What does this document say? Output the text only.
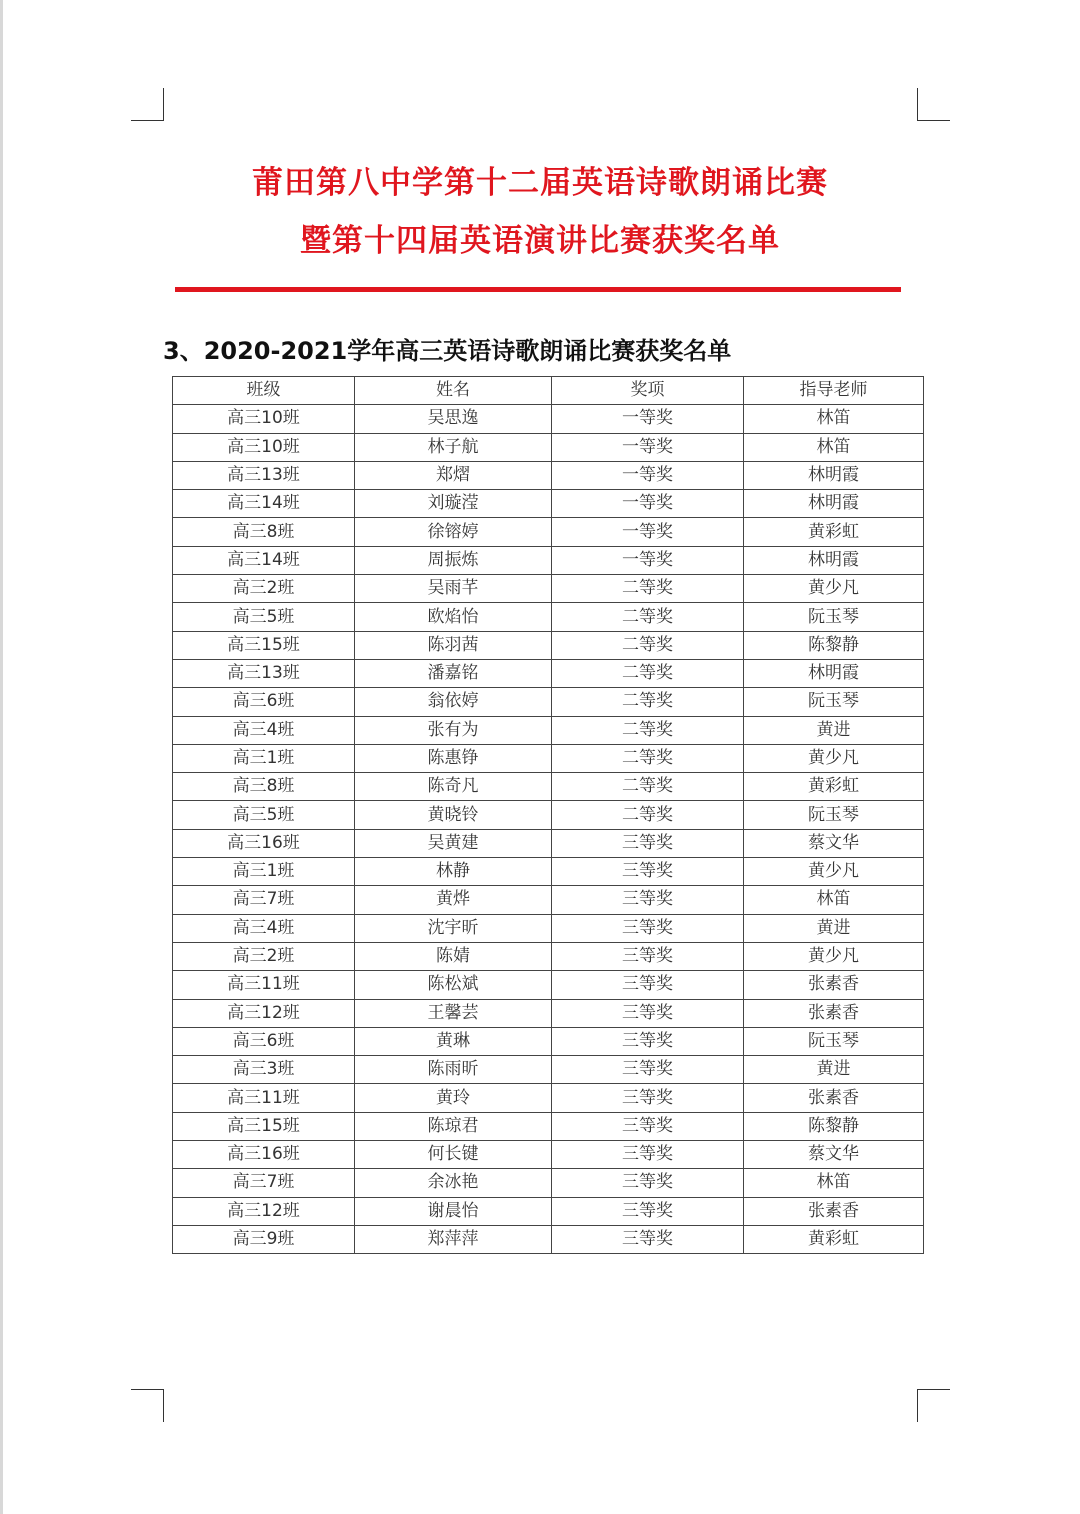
莆田第八中学第十二届英语诗歌朗诵比赛
暨第十四届英语演讲比赛获奖名单
3、2020-2021学年高三英语诗歌朗诵比赛获奖名单
班级	姓名	奖项	指导老师
高三10班	吴思逸	一等奖	林笛
高三10班	林子航	一等奖	林笛
高三13班	郑熠	一等奖	林明霞
高三14班	刘璇滢	一等奖	林明霞
高三8班	徐镕婷	一等奖	黄彩虹
高三14班	周振炼	一等奖	林明霞
高三2班	吴雨芊	二等奖	黄少凡
高三5班	欧焰怡	二等奖	阮玉琴
高三15班	陈羽茜	二等奖	陈黎静
高三13班	潘嘉铭	二等奖	林明霞
高三6班	翁依婷	二等奖	阮玉琴
高三4班	张有为	二等奖	黄进
高三1班	陈惠铮	二等奖	黄少凡
高三8班	陈奇凡	二等奖	黄彩虹
高三5班	黄晓铃	二等奖	阮玉琴
高三16班	吴黄建	三等奖	蔡文华
高三1班	林静	三等奖	黄少凡
高三7班	黄烨	三等奖	林笛
高三4班	沈宇昕	三等奖	黄进
高三2班	陈婧	三等奖	黄少凡
高三11班	陈松斌	三等奖	张素香
高三12班	王馨芸	三等奖	张素香
高三6班	黄琳	三等奖	阮玉琴
高三3班	陈雨昕	三等奖	黄进
高三11班	黄玲	三等奖	张素香
高三15班	陈琼君	三等奖	陈黎静
高三16班	何长键	三等奖	蔡文华
高三7班	余冰艳	三等奖	林笛
高三12班	谢晨怡	三等奖	张素香
高三9班	郑萍萍	三等奖	黄彩虹
